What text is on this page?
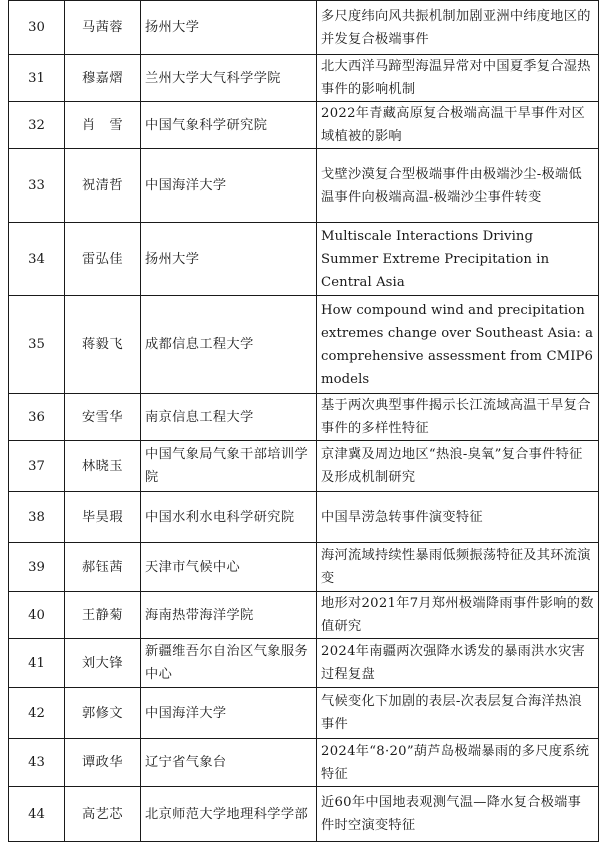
30	马茜蓉	扬州大学	多尺度纬向风共振机制加剧亚洲中纬度地区的并发复合极端事件
31	穆嘉熠	兰州大学大气科学学院	北大西洋马蹄型海温异常对中国夏季复合湿热事件的影响机制
32	肖　雪	中国气象科学研究院	2022年青藏高原复合极端高温干旱事件对区域植被的影响
33	祝清哲	中国海洋大学	戈壁沙漠复合型极端事件由极端沙尘-极端低温事件向极端高温-极端沙尘事件转变
34	雷弘佳	扬州大学	Multiscale Interactions Driving Summer Extreme Precipitation in Central Asia
35	蒋毅飞	成都信息工程大学	How compound wind and precipitation extremes change over Southeast Asia: a comprehensive assessment from CMIP6 models
36	安雪华	南京信息工程大学	基于两次典型事件揭示长江流域高温干旱复合事件的多样性特征
37	林晓玉	中国气象局气象干部培训学院	京津冀及周边地区“热浪-臭氧”复合事件特征及形成机制研究
38	毕昊瑕	中国水利水电科学研究院	中国旱涝急转事件演变特征
39	郝钰茜	天津市气候中心	海河流域持续性暴雨低频振荡特征及其环流演变
40	王静菊	海南热带海洋学院	地形对2021年7月郑州极端降雨事件影响的数值研究
41	刘大锋	新疆维吾尔自治区气象服务中心	2024年南疆两次强降水诱发的暴雨洪水灾害过程复盘
42	郭修文	中国海洋大学	气候变化下加剧的表层-次表层复合海洋热浪事件
43	谭政华	辽宁省气象台	2024年“8·20”葫芦岛极端暴雨的多尺度系统特征
44	高艺芯	北京师范大学地理科学学部	近60年中国地表观测气温—降水复合极端事件时空演变特征
